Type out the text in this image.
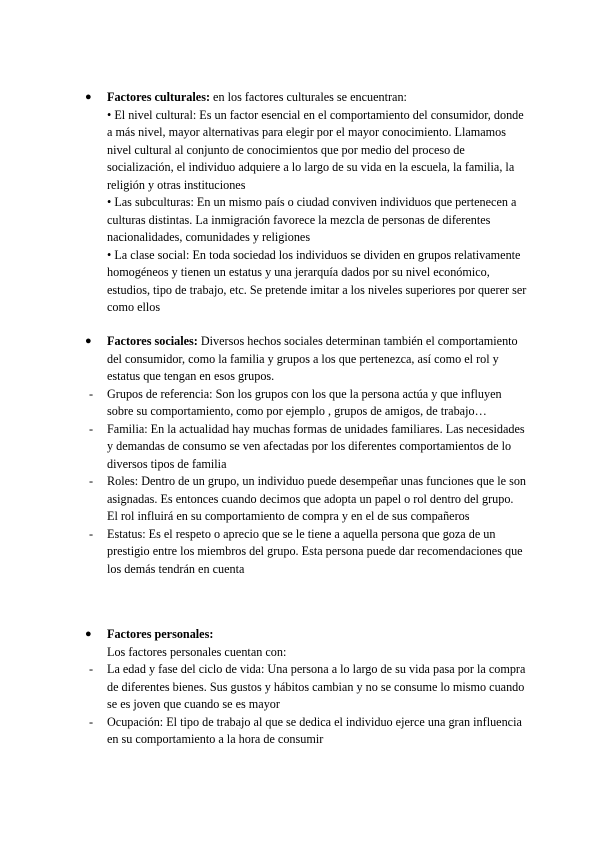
● Factores culturales: en los factores culturales se encuentran:

• El nivel cultural: Es un factor esencial en el comportamiento del consumidor, donde a más nivel, mayor alternativas para elegir por el mayor conocimiento. Llamamos nivel cultural al conjunto de conocimientos que por medio del proceso de socialización, el individuo adquiere a lo largo de su vida en la escuela, la familia, la religión y otras instituciones

• Las subculturas: En un mismo país o ciudad conviven individuos que pertenecen a culturas distintas. La inmigración favorece la mezcla de personas de diferentes nacionalidades, comunidades y religiones

• La clase social: En toda sociedad los individuos se dividen en grupos relativamente homogéneos y tienen un estatus y una jerarquía dados por su nivel económico, estudios, tipo de trabajo, etc. Se pretende imitar a los niveles superiores por querer ser como ellos

● Factores sociales: Diversos hechos sociales determinan también el comportamiento del consumidor, como la familia y grupos a los que pertenezca, así como el rol y estatus que tengan en esos grupos.
- Grupos de referencia: Son los grupos con los que la persona actúa y que influyen sobre su comportamiento, como por ejemplo , grupos de amigos, de trabajo…
- Familia: En la actualidad hay muchas formas de unidades familiares. Las necesidades y demandas de consumo se ven afectadas por los diferentes comportamientos de lo diversos tipos de familia
- Roles: Dentro de un grupo, un individuo puede desempeñar unas funciones que le son asignadas. Es entonces cuando decimos que adopta un papel o rol dentro del grupo. El rol influirá en su comportamiento de compra y en el de sus compañeros
- Estatus: Es el respeto o aprecio que se le tiene a aquella persona que goza de un prestigio entre los miembros del grupo. Esta persona puede dar recomendaciones que los demás tendrán en cuenta
● Factores personales:
Los factores personales cuentan con:
- La edad y fase del ciclo de vida: Una persona a lo largo de su vida pasa por la compra de diferentes bienes. Sus gustos y hábitos cambian y no se consume lo mismo cuando se es joven que cuando se es mayor
- Ocupación: El tipo de trabajo al que se dedica el individuo ejerce una gran influencia en su comportamiento a la hora de consumir
